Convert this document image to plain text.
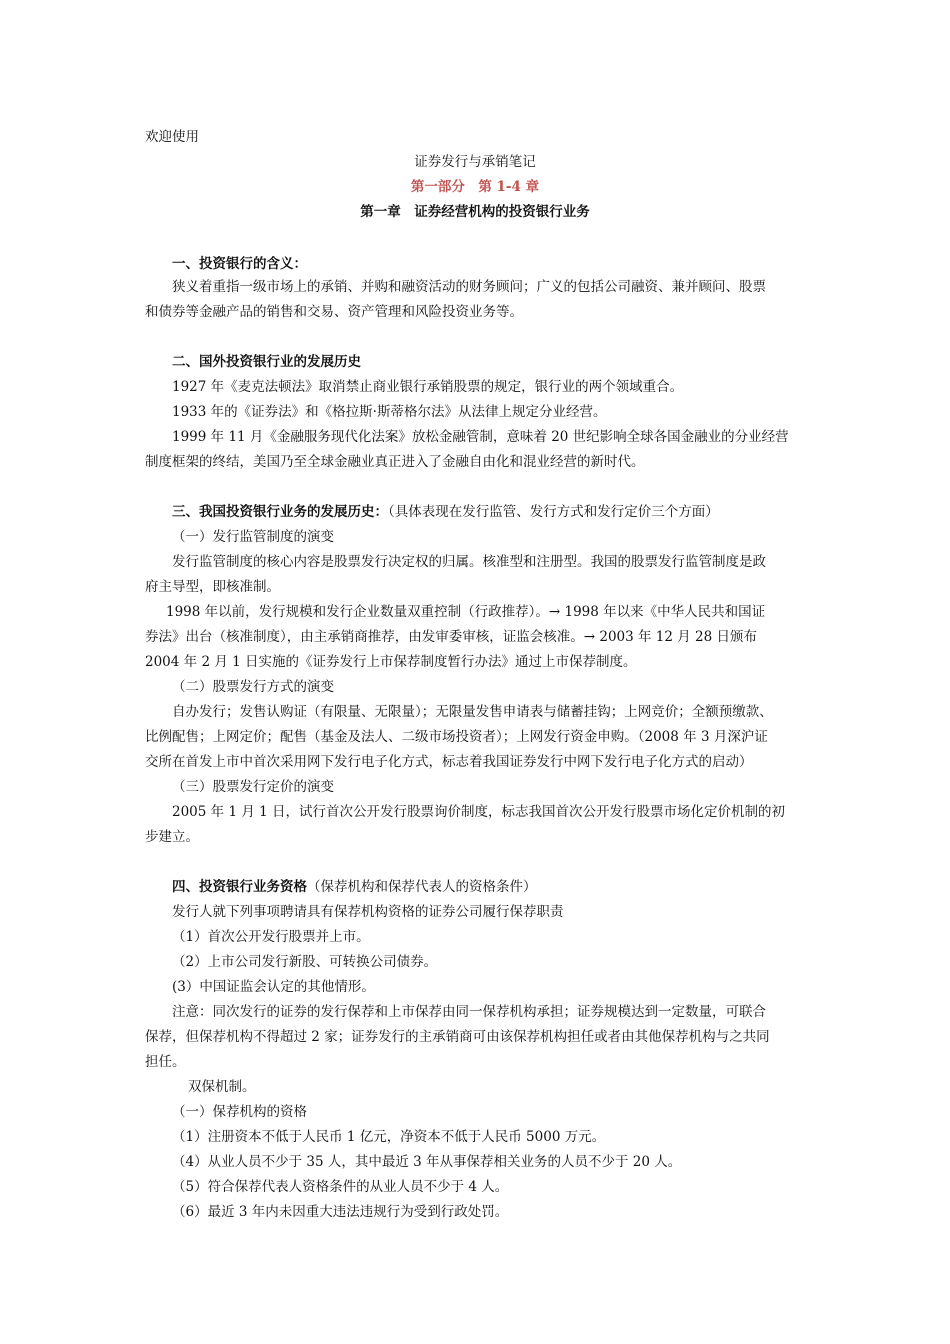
欢迎使用
证券发行与承销笔记
第一部分　第 1-4 章
第一章　证券经营机构的投资银行业务
一、投资银行的含义：
狭义着重指一级市场上的承销、并购和融资活动的财务顾问；广义的包括公司融资、兼并顾问、股票
和债券等金融产品的销售和交易、资产管理和风险投资业务等。
二、国外投资银行业的发展历史
1927 年《麦克法顿法》取消禁止商业银行承销股票的规定，银行业的两个领域重合。
1933 年的《证券法》和《格拉斯·斯蒂格尔法》从法律上规定分业经营。
1999 年 11 月《金融服务现代化法案》放松金融管制，意味着 20 世纪影响全球各国金融业的分业经营
制度框架的终结，美国乃至全球金融业真正进入了金融自由化和混业经营的新时代。
三、我国投资银行业务的发展历史：（具体表现在发行监管、发行方式和发行定价三个方面）
（一）发行监管制度的演变
发行监管制度的核心内容是股票发行决定权的归属。核准型和注册型。我国的股票发行监管制度是政
府主导型，即核准制。
1998 年以前，发行规模和发行企业数量双重控制（行政推荐）。→ 1998 年以来《中华人民共和国证
券法》出台（核准制度），由主承销商推荐，由发审委审核，证监会核准。→ 2003 年 12 月 28 日颁布
2004 年 2 月 1 日实施的《证券发行上市保荐制度暂行办法》通过上市保荐制度。
（二）股票发行方式的演变
自办发行；发售认购证（有限量、无限量）；无限量发售申请表与储蓄挂钩；上网竞价；全额预缴款、
比例配售；上网定价；配售（基金及法人、二级市场投资者）；上网发行资金申购。（2008 年 3 月深沪证
交所在首发上市中首次采用网下发行电子化方式，标志着我国证券发行中网下发行电子化方式的启动）
（三）股票发行定价的演变
2005 年 1 月 1 日，试行首次公开发行股票询价制度，标志我国首次公开发行股票市场化定价机制的初
步建立。
四、投资银行业务资格（保荐机构和保荐代表人的资格条件）
发行人就下列事项聘请具有保荐机构资格的证券公司履行保荐职责
（1）首次公开发行股票并上市。
（2）上市公司发行新股、可转换公司债券。
(3）中国证监会认定的其他情形。
注意：同次发行的证券的发行保荐和上市保荐由同一保荐机构承担；证券规模达到一定数量，可联合
保荐，但保荐机构不得超过 2 家；证券发行的主承销商可由该保荐机构担任或者由其他保荐机构与之共同
担任。
双保机制。
（一）保荐机构的资格
（1）注册资本不低于人民币 1 亿元，净资本不低于人民币 5000 万元。
（4）从业人员不少于 35 人，其中最近 3 年从事保荐相关业务的人员不少于 20 人。
（5）符合保荐代表人资格条件的从业人员不少于 4 人。
（6）最近 3 年内未因重大违法违规行为受到行政处罚。
